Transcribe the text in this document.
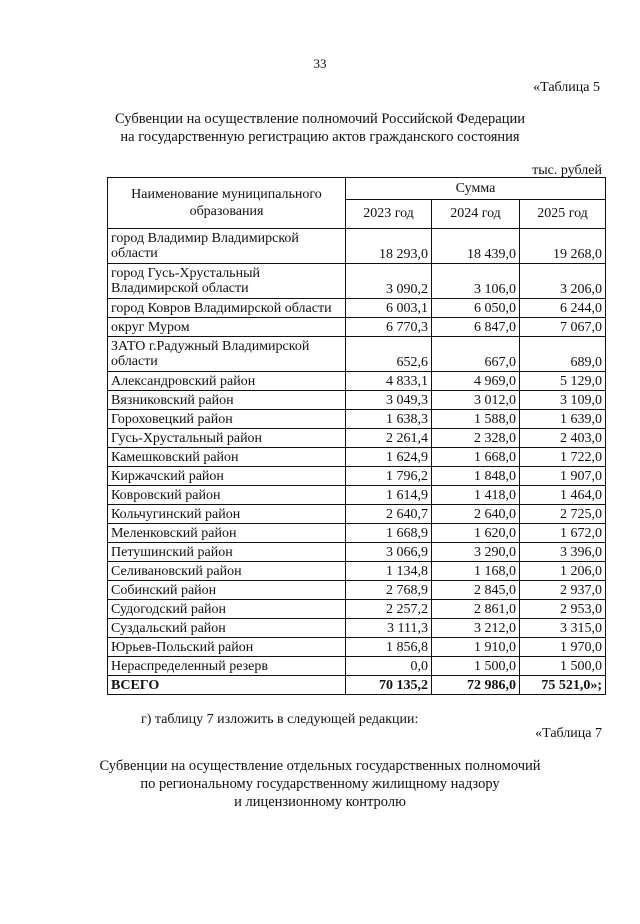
33
«Таблица 5
Субвенции на осуществление полномочий Российской Федерации
на государственную регистрацию актов гражданского состояния
тыс. рублей
Наименование муниципального образования	Сумма		
	2023 год	2024 год	2025 год
город Владимир Владимирской области	18 293,0	18 439,0	19 268,0
город Гусь-Хрустальный Владимирской области	3 090,2	3 106,0	3 206,0
город Ковров Владимирской области	6 003,1	6 050,0	6 244,0
округ Муром	6 770,3	6 847,0	7 067,0
ЗАТО г.Радужный Владимирской области	652,6	667,0	689,0
Александровский район	4 833,1	4 969,0	5 129,0
Вязниковский район	3 049,3	3 012,0	3 109,0
Гороховецкий район	1 638,3	1 588,0	1 639,0
Гусь-Хрустальный район	2 261,4	2 328,0	2 403,0
Камешковский район	1 624,9	1 668,0	1 722,0
Киржачский район	1 796,2	1 848,0	1 907,0
Ковровский район	1 614,9	1 418,0	1 464,0
Кольчугинский район	2 640,7	2 640,0	2 725,0
Меленковский район	1 668,9	1 620,0	1 672,0
Петушинский район	3 066,9	3 290,0	3 396,0
Селивановский район	1 134,8	1 168,0	1 206,0
Собинский район	2 768,9	2 845,0	2 937,0
Судогодский район	2 257,2	2 861,0	2 953,0
Суздальский район	3 111,3	3 212,0	3 315,0
Юрьев-Польский район	1 856,8	1 910,0	1 970,0
Нераспределенный резерв	0,0	1 500,0	1 500,0
ВСЕГО	70 135,2	72 986,0	75 521,0»;
г) таблицу 7 изложить в следующей редакции:
«Таблица 7
Субвенции на осуществление отдельных государственных полномочий
по региональному государственному жилищному надзору
и лицензионному контролю
